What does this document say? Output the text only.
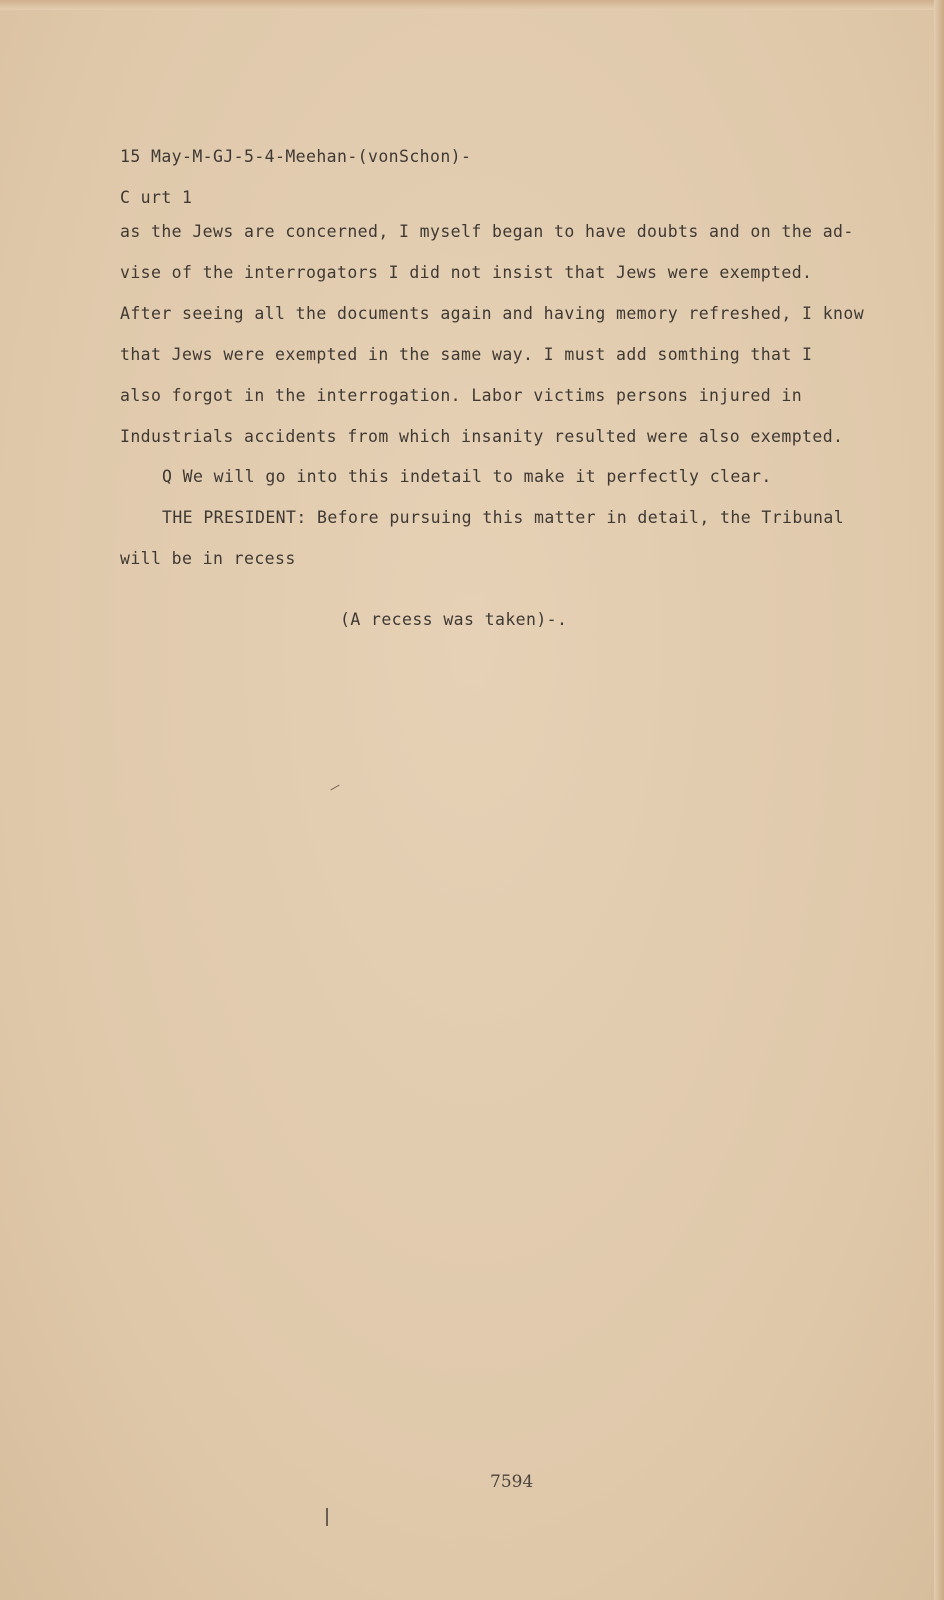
15 May-M-GJ-5-4-Meehan-(vonSchon)-
C urt 1
as the Jews are concerned, I myself began to have doubts and on the ad-
vise of the interrogators I did not insist that Jews were exempted.
After seeing all the documents again and having memory refreshed, I know
that Jews were exempted in the same way. I must add somthing that I
also forgot in the interrogation. Labor victims persons injured in
Industrials accidents from which insanity resulted were also exempted.
Q We will go into this indetail to make it perfectly clear.
THE PRESIDENT: Before pursuing this matter in detail, the Tribunal
will be in recess
(A recess was taken)-.
7594
